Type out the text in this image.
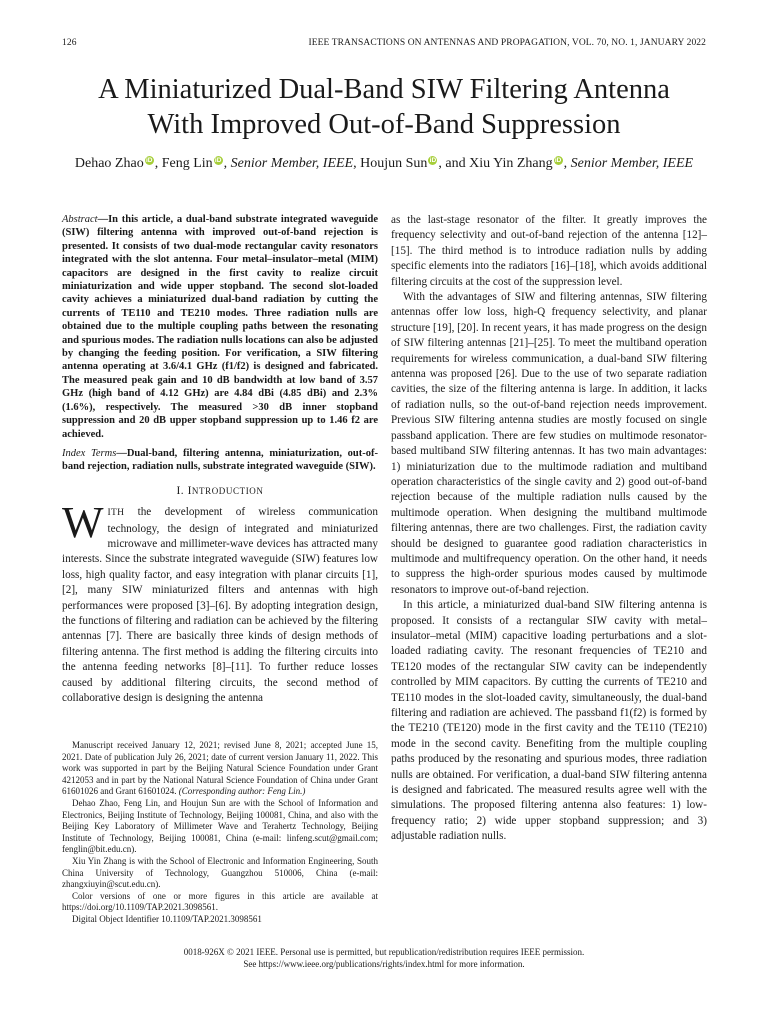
126	IEEE TRANSACTIONS ON ANTENNAS AND PROPAGATION, VOL. 70, NO. 1, JANUARY 2022
A Miniaturized Dual-Band SIW Filtering Antenna
With Improved Out-of-Band Suppression
Dehao Zhao iD , Feng Lin iD , Senior Member, IEEE, Houjun Sun iD , and Xiu Yin Zhang iD , Senior Member, IEEE

Abstract—In this article, a dual-band substrate integrated waveguide (SIW) filtering antenna with improved out-of-band rejection is presented. It consists of two dual-mode rectangular cavity resonators integrated with the slot antenna. Four metal–insulator–metal (MIM) capacitors are designed in the first cavity to realize circuit miniaturization and wide upper stopband. The second slot-loaded cavity achieves a miniaturized dual-band radiation by cutting the currents of TE110 and TE210 modes. Three radiation nulls are obtained due to the multiple coupling paths between the resonating and spurious modes. The radiation nulls locations can also be adjusted by changing the feeding position. For verification, a SIW filtering antenna operating at 3.6/4.1 GHz (f1/f2) is designed and fabricated. The measured peak gain and 10 dB bandwidth at low band of 3.57 GHz (high band of 4.12 GHz) are 4.84 dBi (4.85 dBi) and 2.3% (1.6%), respectively. The measured >30 dB inner stopband suppression and 20 dB upper stopband suppression up to 1.46 f2 are achieved.

Index Terms—Dual-band, filtering antenna, miniaturization, out-of-band rejection, radiation nulls, substrate integrated waveguide (SIW).

I. INTRODUCTION

WITH the development of wireless communication technology, the design of integrated and miniaturized microwave and millimeter-wave devices has attracted many interests. Since the substrate integrated waveguide (SIW) features low loss, high quality factor, and easy integration with planar circuits [1], [2], many SIW miniaturized filters and antennas with high performances were proposed [3]–[6]. By adopting integration design, the functions of filtering and radiation can be achieved by the filtering antennas [7]. There are basically three kinds of design methods of filtering antenna. The first method is adding the filtering circuits into the antenna feeding networks [8]–[11]. To further reduce losses caused by additional filtering circuits, the second method of collaborative design is designing the antenna

Manuscript received January 12, 2021; revised June 8, 2021; accepted June 15, 2021. Date of publication July 26, 2021; date of current version January 11, 2022. This work was supported in part by the Beijing Natural Science Foundation under Grant 4212053 and in part by the National Natural Science Foundation of China under Grant 61601026 and Grant 61601024. (Corresponding author: Feng Lin.)

Dehao Zhao, Feng Lin, and Houjun Sun are with the School of Information and Electronics, Beijing Institute of Technology, Beijing 100081, China, and also with the Beijing Key Laboratory of Millimeter Wave and Terahertz Technology, Beijing Institute of Technology, Beijing 100081, China (e-mail: linfeng.scut@gmail.com; fenglin@bit.edu.cn).

Xiu Yin Zhang is with the School of Electronic and Information Engineering, South China University of Technology, Guangzhou 510006, China (e-mail: zhangxiuyin@scut.edu.cn).

Color versions of one or more figures in this article are available at https://doi.org/10.1109/TAP.2021.3098561.

Digital Object Identifier 10.1109/TAP.2021.3098561

as the last-stage resonator of the filter. It greatly improves the frequency selectivity and out-of-band rejection of the antenna [12]–[15]. The third method is to introduce radiation nulls by adding specific elements into the radiators [16]–[18], which avoids additional filtering circuits at the cost of the suppression level.

With the advantages of SIW and filtering antennas, SIW filtering antennas offer low loss, high-Q frequency selectivity, and planar structure [19], [20]. In recent years, it has made progress on the design of SIW filtering antennas [21]–[25]. To meet the multiband operation requirements for wireless communication, a dual-band SIW filtering antenna was proposed [26]. Due to the use of two separate radiation cavities, the size of the filtering antenna is large. In addition, it lacks of radiation nulls, so the out-of-band rejection needs improvement. Previous SIW filtering antenna studies are mostly focused on single passband application. There are few studies on multimode resonator-based multiband SIW filtering antennas. It has two main advantages: 1) miniaturization due to the multimode radiation and multiband operation characteristics of the single cavity and 2) good out-of-band rejection because of the multiple radiation nulls caused by the multimode operation. When designing the multiband multimode filtering antennas, there are two challenges. First, the radiation cavity should be designed to guarantee good radiation characteristics in multimode and multifrequency operation. On the other hand, it needs to suppress the high-order spurious modes caused by multimode resonators to improve out-of-band rejection.

In this article, a miniaturized dual-band SIW filtering antenna is proposed. It consists of a rectangular SIW cavity with metal–insulator–metal (MIM) capacitive loading perturbations and a slot-loaded radiating cavity. The resonant frequencies of TE210 and TE120 modes of the rectangular SIW cavity can be independently controlled by MIM capacitors. By cutting the currents of TE210 and TE110 modes in the slot-loaded cavity, simultaneously, the dual-band filtering and radiation are achieved. The passband f1(f2) is formed by the TE210 (TE120) mode in the first cavity and the TE110 (TE210) mode in the second cavity. Benefiting from the multiple coupling paths produced by the resonating and spurious modes, three radiation nulls are obtained. For verification, a dual-band SIW filtering antenna is designed and fabricated. The measured results agree well with the simulations. The proposed filtering antenna also features: 1) low-frequency ratio; 2) wide upper stopband suppression; and 3) adjustable radiation nulls.

0018-926X © 2021 IEEE. Personal use is permitted, but republication/redistribution requires IEEE permission.
See https://www.ieee.org/publications/rights/index.html for more information.
